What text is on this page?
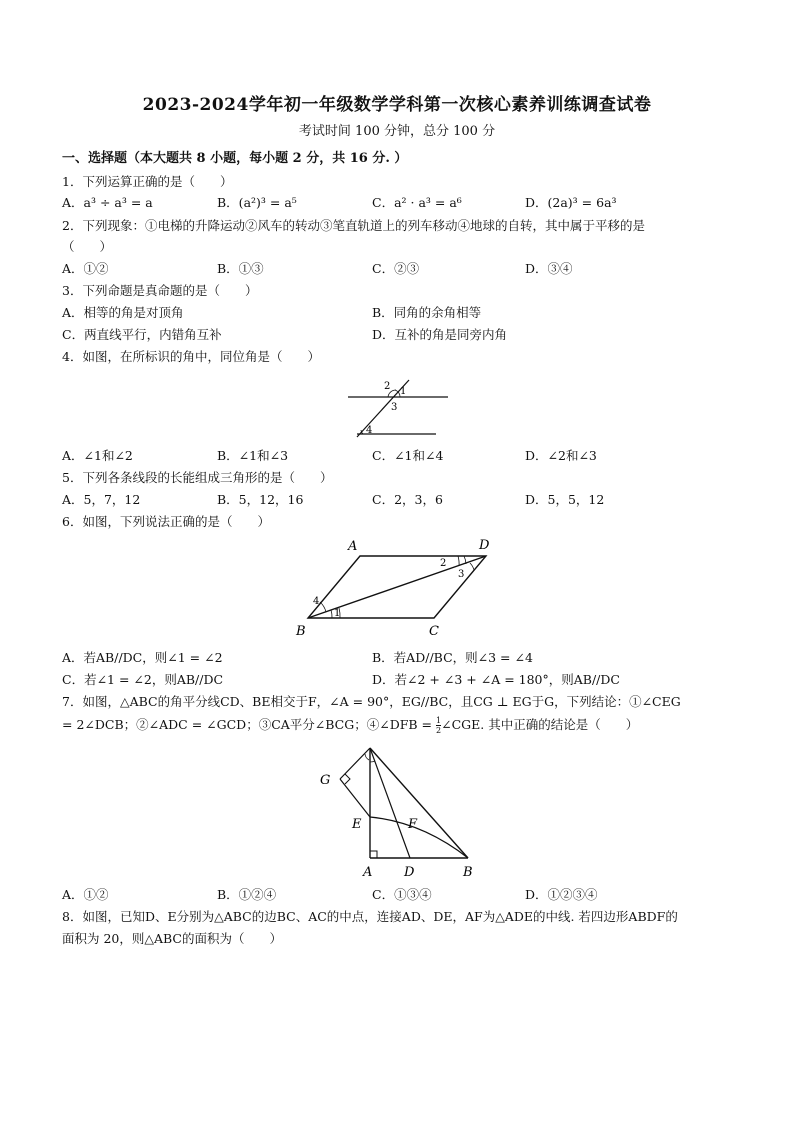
2023-2024学年初一年级数学学科第一次核心素养训练调查试卷
考试时间 100 分钟，总分 100 分
一、选择题（本大题共 8 小题，每小题 2 分，共 16 分. ）
1．下列运算正确的是（　　）
A．a³ ÷ a³ = a	B．(a²)³ = a⁵	C．a² · a³ = a⁶	D．(2a)³ = 6a³
2．下列现象：①电梯的升降运动②风车的转动③笔直轨道上的列车移动④地球的自转，其中属于平移的是
（　　）
A．①②	B．①③	C．②③	D．③④
3．下列命题是真命题的是（　　）
A．相等的角是对顶角	B．同角的余角相等
C．两直线平行，内错角互补	D．互补的角是同旁内角
4．如图，在所标识的角中，同位角是（　　）
2 1
3
4
A．∠1和∠2	B．∠1和∠3	C．∠1和∠4	D．∠2和∠3
5．下列各条线段的长能组成三角形的是（　　）
A．5，7，12	B．5，12，16	C．2，3，6	D．5，5，12
6．如图，下列说法正确的是（　　）
A	D
B	C
1
2
3
4
A．若AB//DC，则∠1 = ∠2	B．若AD//BC，则∠3 = ∠4
C．若∠1 = ∠2，则AB//DC	D．若∠2 + ∠3 + ∠A = 180°，则AB//DC
7．如图，△ABC的角平分线CD、BE相交于F，∠A = 90°，EG//BC，且CG ⊥ EG于G，下列结论：①∠CEG
= 2∠DCB；②∠ADC = ∠GCD；③CA平分∠BCG；④∠DFB = $\frac{1}{2}$ ∠CGE. 其中正确的结论是（　　）
G
E	F
A D	B
A．①②	B．①②④	C．①③④	D．①②③④
8．如图，已知D、E分别为△ABC的边BC、AC的中点，连接AD、DE，AF为△ADE的中线. 若四边形ABDF的
面积为 20，则△ABC的面积为（　　）
